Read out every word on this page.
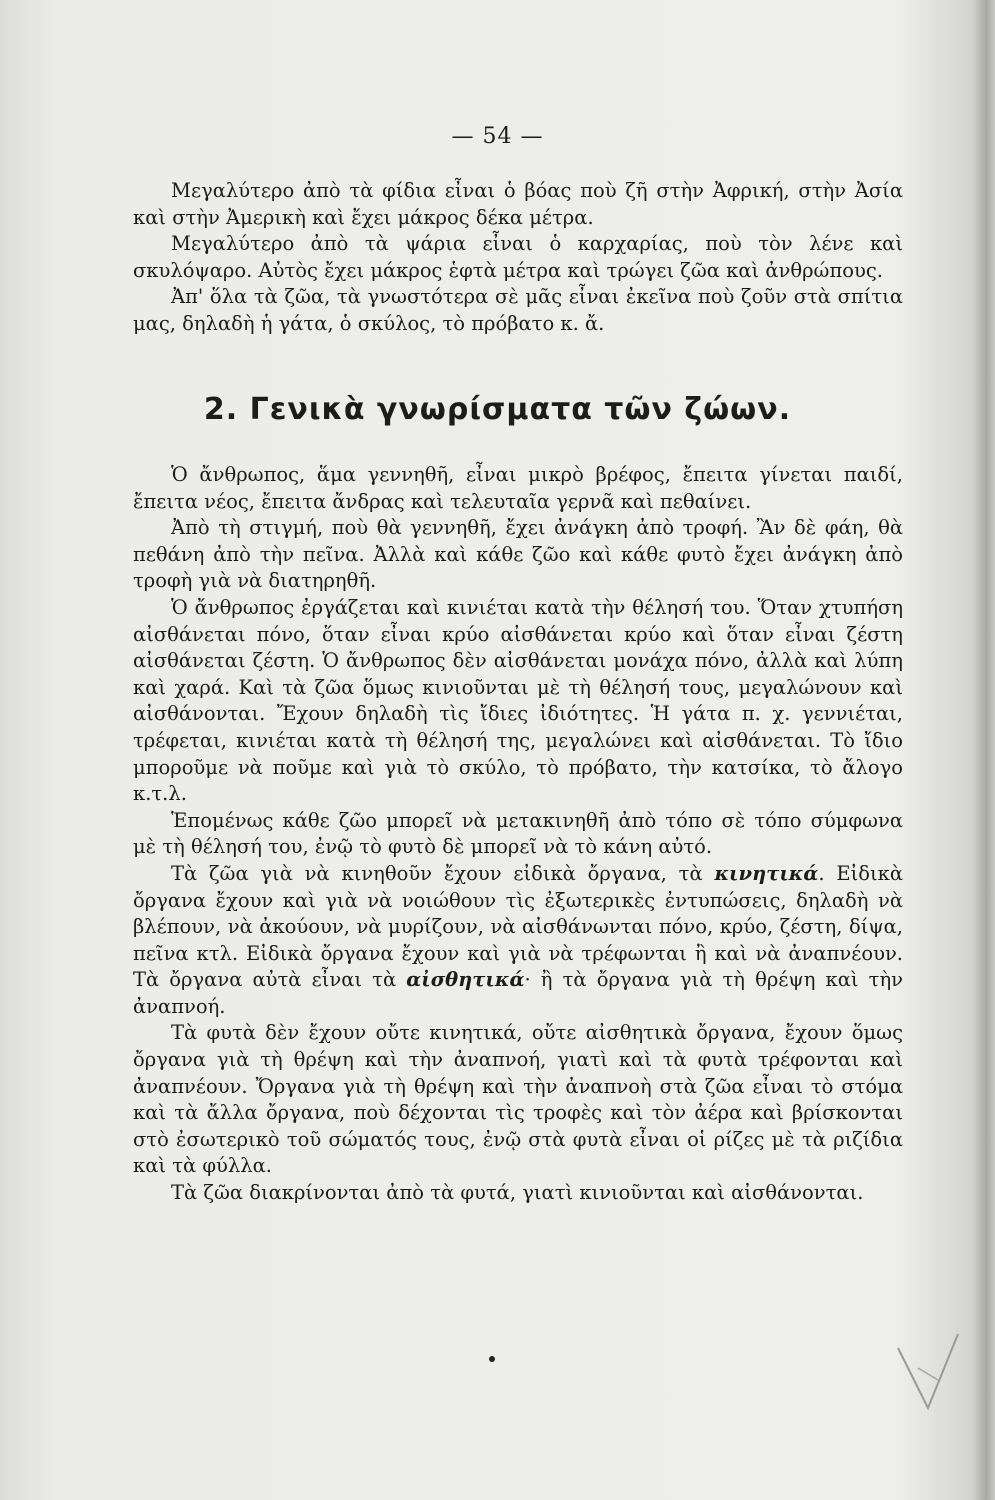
— 54 —

Μεγαλύτερο ἀπὸ τὰ φίδια εἶναι ὁ βόας ποὺ ζῆ στὴν Ἀφρική, στὴν Ἀσία καὶ στὴν Ἀμερικὴ καὶ ἔχει μάκρος δέκα μέτρα.

Μεγαλύτερο ἀπὸ τὰ ψάρια εἶναι ὁ καρχαρίας, ποὺ τὸν λένε καὶ σκυλόψαρο. Αὐτὸς ἔχει μάκρος ἑφτὰ μέτρα καὶ τρώγει ζῶα καὶ ἀνθρώπους.

Ἀπ' ὅλα τὰ ζῶα, τὰ γνωστότερα σὲ μᾶς εἶναι ἐκεῖνα ποὺ ζοῦν στὰ σπίτια μας, δηλαδὴ ἡ γάτα, ὁ σκύλος, τὸ πρόβατο κ. ἄ.

2. Γενικὰ γνωρίσματα τῶν ζώων.

Ὁ ἄνθρωπος, ἅμα γεννηθῆ, εἶναι μικρὸ βρέφος, ἔπειτα γίνεται παιδί, ἔπειτα νέος, ἔπειτα ἄνδρας καὶ τελευταῖα γερνᾶ καὶ πεθαίνει.

Ἀπὸ τὴ στιγμή, ποὺ θὰ γεννηθῆ, ἔχει ἀνάγκη ἀπὸ τροφή. Ἂν δὲ φάη, θὰ πεθάνη ἀπὸ τὴν πεῖνα. Ἀλλὰ καὶ κάθε ζῶο καὶ κάθε φυτὸ ἔχει ἀνάγκη ἀπὸ τροφὴ γιὰ νὰ διατηρηθῆ.

Ὁ ἄνθρωπος ἐργάζεται καὶ κινιέται κατὰ τὴν θέλησή του. Ὅταν χτυπήση αἰσθάνεται πόνο, ὅταν εἶναι κρύο αἰσθάνεται κρύο καὶ ὅταν εἶναι ζέστη αἰσθάνεται ζέστη. Ὁ ἄνθρωπος δὲν αἰσθάνεται μονάχα πόνο, ἀλλὰ καὶ λύπη καὶ χαρά. Καὶ τὰ ζῶα ὅμως κινιοῦνται μὲ τὴ θέλησή τους, μεγαλώνουν καὶ αἰσθάνονται. Ἔχουν δηλαδὴ τὶς ἴδιες ἰδιότητες. Ἡ γάτα π. χ. γεννιέται, τρέφεται, κινιέται κατὰ τὴ θέλησή της, μεγαλώνει καὶ αἰσθάνεται. Τὸ ἴδιο μποροῦμε νὰ ποῦμε καὶ γιὰ τὸ σκύλο, τὸ πρόβατο, τὴν κατσίκα, τὸ ἄλογο κ.τ.λ.

Ἑπομένως κάθε ζῶο μπορεῖ νὰ μετακινηθῆ ἀπὸ τόπο σὲ τόπο σύμφωνα μὲ τὴ θέλησή του, ἐνῷ τὸ φυτὸ δὲ μπορεῖ νὰ τὸ κάνη αὐτό.

Τὰ ζῶα γιὰ νὰ κινηθοῦν ἔχουν εἰδικὰ ὄργανα, τὰ κινητικά. Εἰδικὰ ὄργανα ἔχουν καὶ γιὰ νὰ νοιώθουν τὶς ἐξωτερικὲς ἐντυπώσεις, δηλαδὴ νὰ βλέπουν, νὰ ἀκούουν, νὰ μυρίζουν, νὰ αἰσθάνωνται πόνο, κρύο, ζέστη, δίψα, πεῖνα κτλ. Εἰδικὰ ὄργανα ἔχουν καὶ γιὰ νὰ τρέφωνται ἢ καὶ νὰ ἀναπνέουν. Τὰ ὄργανα αὐτὰ εἶναι τὰ αἰσθητικά· ἢ τὰ ὄργανα γιὰ τὴ θρέψη καὶ τὴν ἀναπνοή.

Τὰ φυτὰ δὲν ἔχουν οὔτε κινητικά, οὔτε αἰσθητικὰ ὄργανα, ἔχουν ὅμως ὄργανα γιὰ τὴ θρέψη καὶ τὴν ἀναπνοή, γιατὶ καὶ τὰ φυτὰ τρέφονται καὶ ἀναπνέουν. Ὄργανα γιὰ τὴ θρέψη καὶ τὴν ἀναπνοὴ στὰ ζῶα εἶναι τὸ στόμα καὶ τὰ ἄλλα ὄργανα, ποὺ δέχονται τὶς τροφὲς καὶ τὸν ἀέρα καὶ βρίσκονται στὸ ἐσωτερικὸ τοῦ σώματός τους, ἐνῷ στὰ φυτὰ εἶναι οἱ ρίζες μὲ τὰ ριζίδια καὶ τὰ φύλλα.

Τὰ ζῶα διακρίνονται ἀπὸ τὰ φυτά, γιατὶ κινιοῦνται καὶ αἰσθάνονται.
